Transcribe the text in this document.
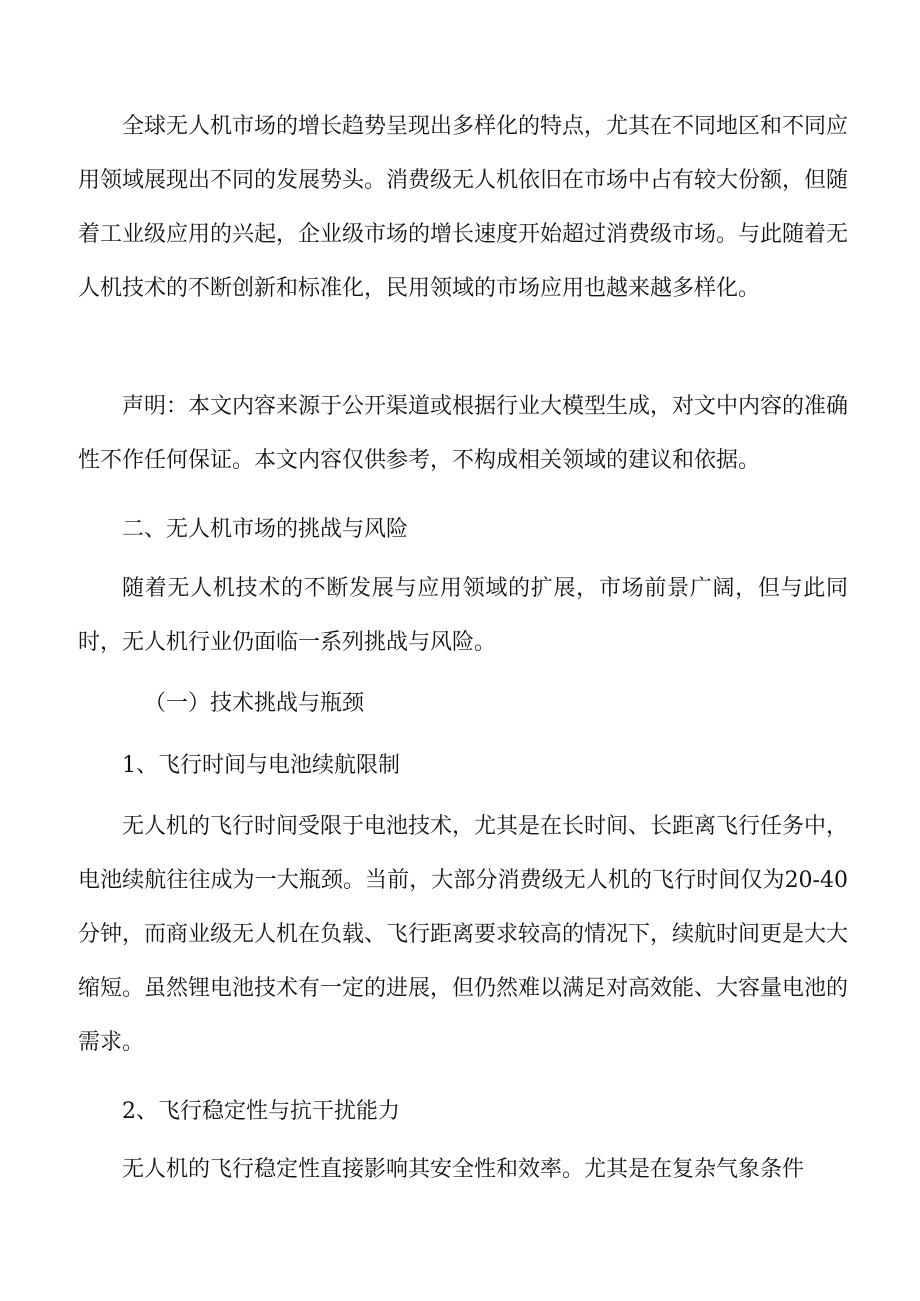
全球无人机市场的增长趋势呈现出多样化的特点，尤其在不同地区和不同应用领域展现出不同的发展势头。消费级无人机依旧在市场中占有较大份额，但随着工业级应用的兴起，企业级市场的增长速度开始超过消费级市场。与此随着无人机技术的不断创新和标准化，民用领域的市场应用也越来越多样化。

声明：本文内容来源于公开渠道或根据行业大模型生成，对文中内容的准确性不作任何保证。本文内容仅供参考，不构成相关领域的建议和依据。

二、无人机市场的挑战与风险

随着无人机技术的不断发展与应用领域的扩展，市场前景广阔，但与此同时，无人机行业仍面临一系列挑战与风险。

（一）技术挑战与瓶颈
1、飞行时间与电池续航限制

无人机的飞行时间受限于电池技术，尤其是在长时间、长距离飞行任务中，电池续航往往成为一大瓶颈。当前，大部分消费级无人机的飞行时间仅为20-40分钟，而商业级无人机在负载、飞行距离要求较高的情况下，续航时间更是大大缩短。虽然锂电池技术有一定的进展，但仍然难以满足对高效能、大容量电池的需求。

2、飞行稳定性与抗干扰能力

无人机的飞行稳定性直接影响其安全性和效率。尤其是在复杂气象条件
